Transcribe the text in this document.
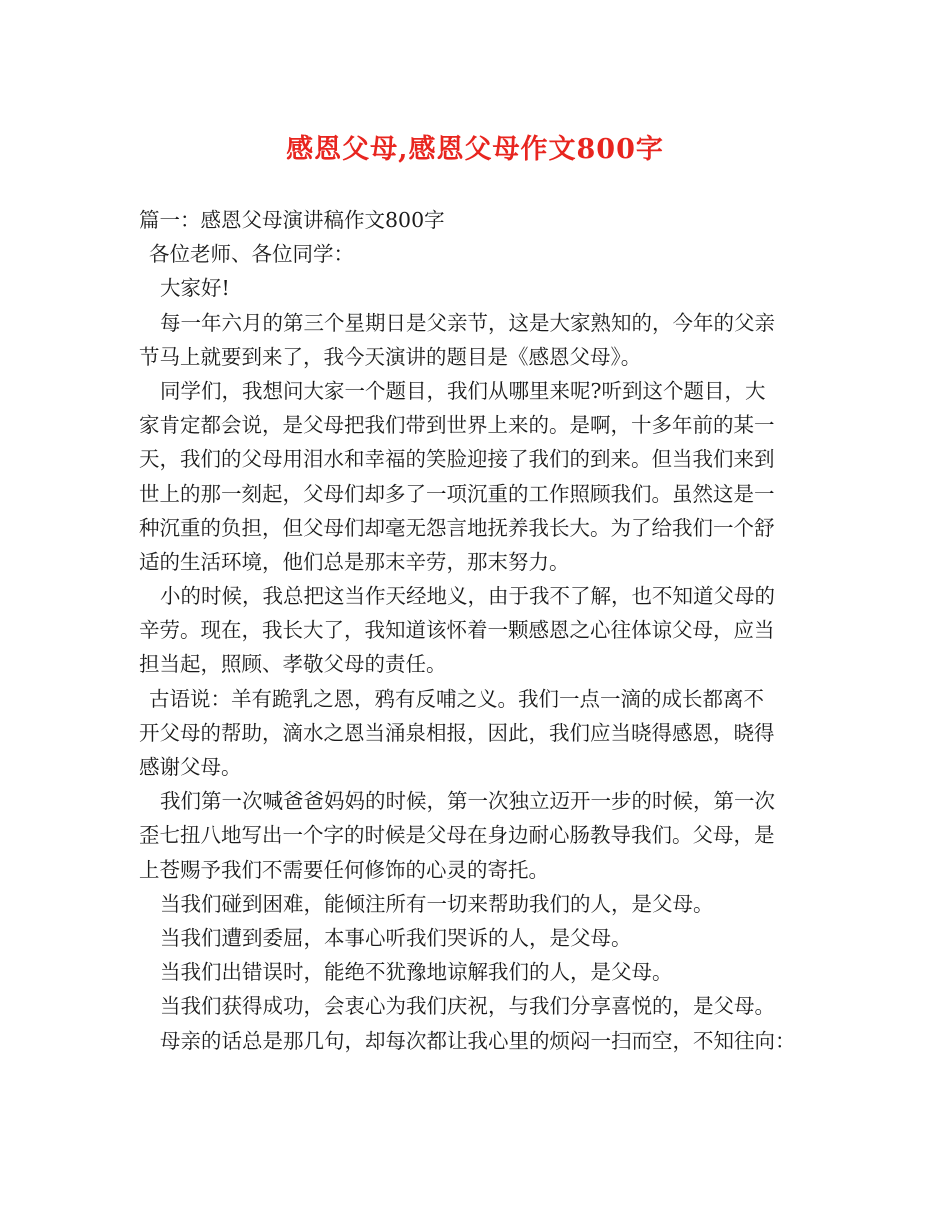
感恩父母,感恩父母作文800字
篇一：感恩父母演讲稿作文800字
各位老师、各位同学：
大家好!
每一年六月的第三个星期日是父亲节，这是大家熟知的，今年的父亲
节马上就要到来了，我今天演讲的题目是《感恩父母》。
同学们，我想问大家一个题目，我们从哪里来呢?听到这个题目，大
家肯定都会说，是父母把我们带到世界上来的。是啊，十多年前的某一
天，我们的父母用泪水和幸福的笑脸迎接了我们的到来。但当我们来到
世上的那一刻起，父母们却多了一项沉重的工作照顾我们。虽然这是一
种沉重的负担，但父母们却毫无怨言地抚养我长大。为了给我们一个舒
适的生活环境，他们总是那末辛劳，那末努力。
小的时候，我总把这当作天经地义，由于我不了解，也不知道父母的
辛劳。现在，我长大了，我知道该怀着一颗感恩之心往体谅父母，应当
担当起，照顾、孝敬父母的责任。
古语说：羊有跪乳之恩，鸦有反哺之义。我们一点一滴的成长都离不
开父母的帮助，滴水之恩当涌泉相报，因此，我们应当晓得感恩，晓得
感谢父母。
我们第一次喊爸爸妈妈的时候，第一次独立迈开一步的时候，第一次
歪七扭八地写出一个字的时候是父母在身边耐心肠教导我们。父母，是
上苍赐予我们不需要任何修饰的心灵的寄托。
当我们碰到困难，能倾注所有一切来帮助我们的人，是父母。
当我们遭到委屈，本事心听我们哭诉的人，是父母。
当我们出错误时，能绝不犹豫地谅解我们的人，是父母。
当我们获得成功，会衷心为我们庆祝，与我们分享喜悦的，是父母。
母亲的话总是那几句，却每次都让我心里的烦闷一扫而空，不知往向：
